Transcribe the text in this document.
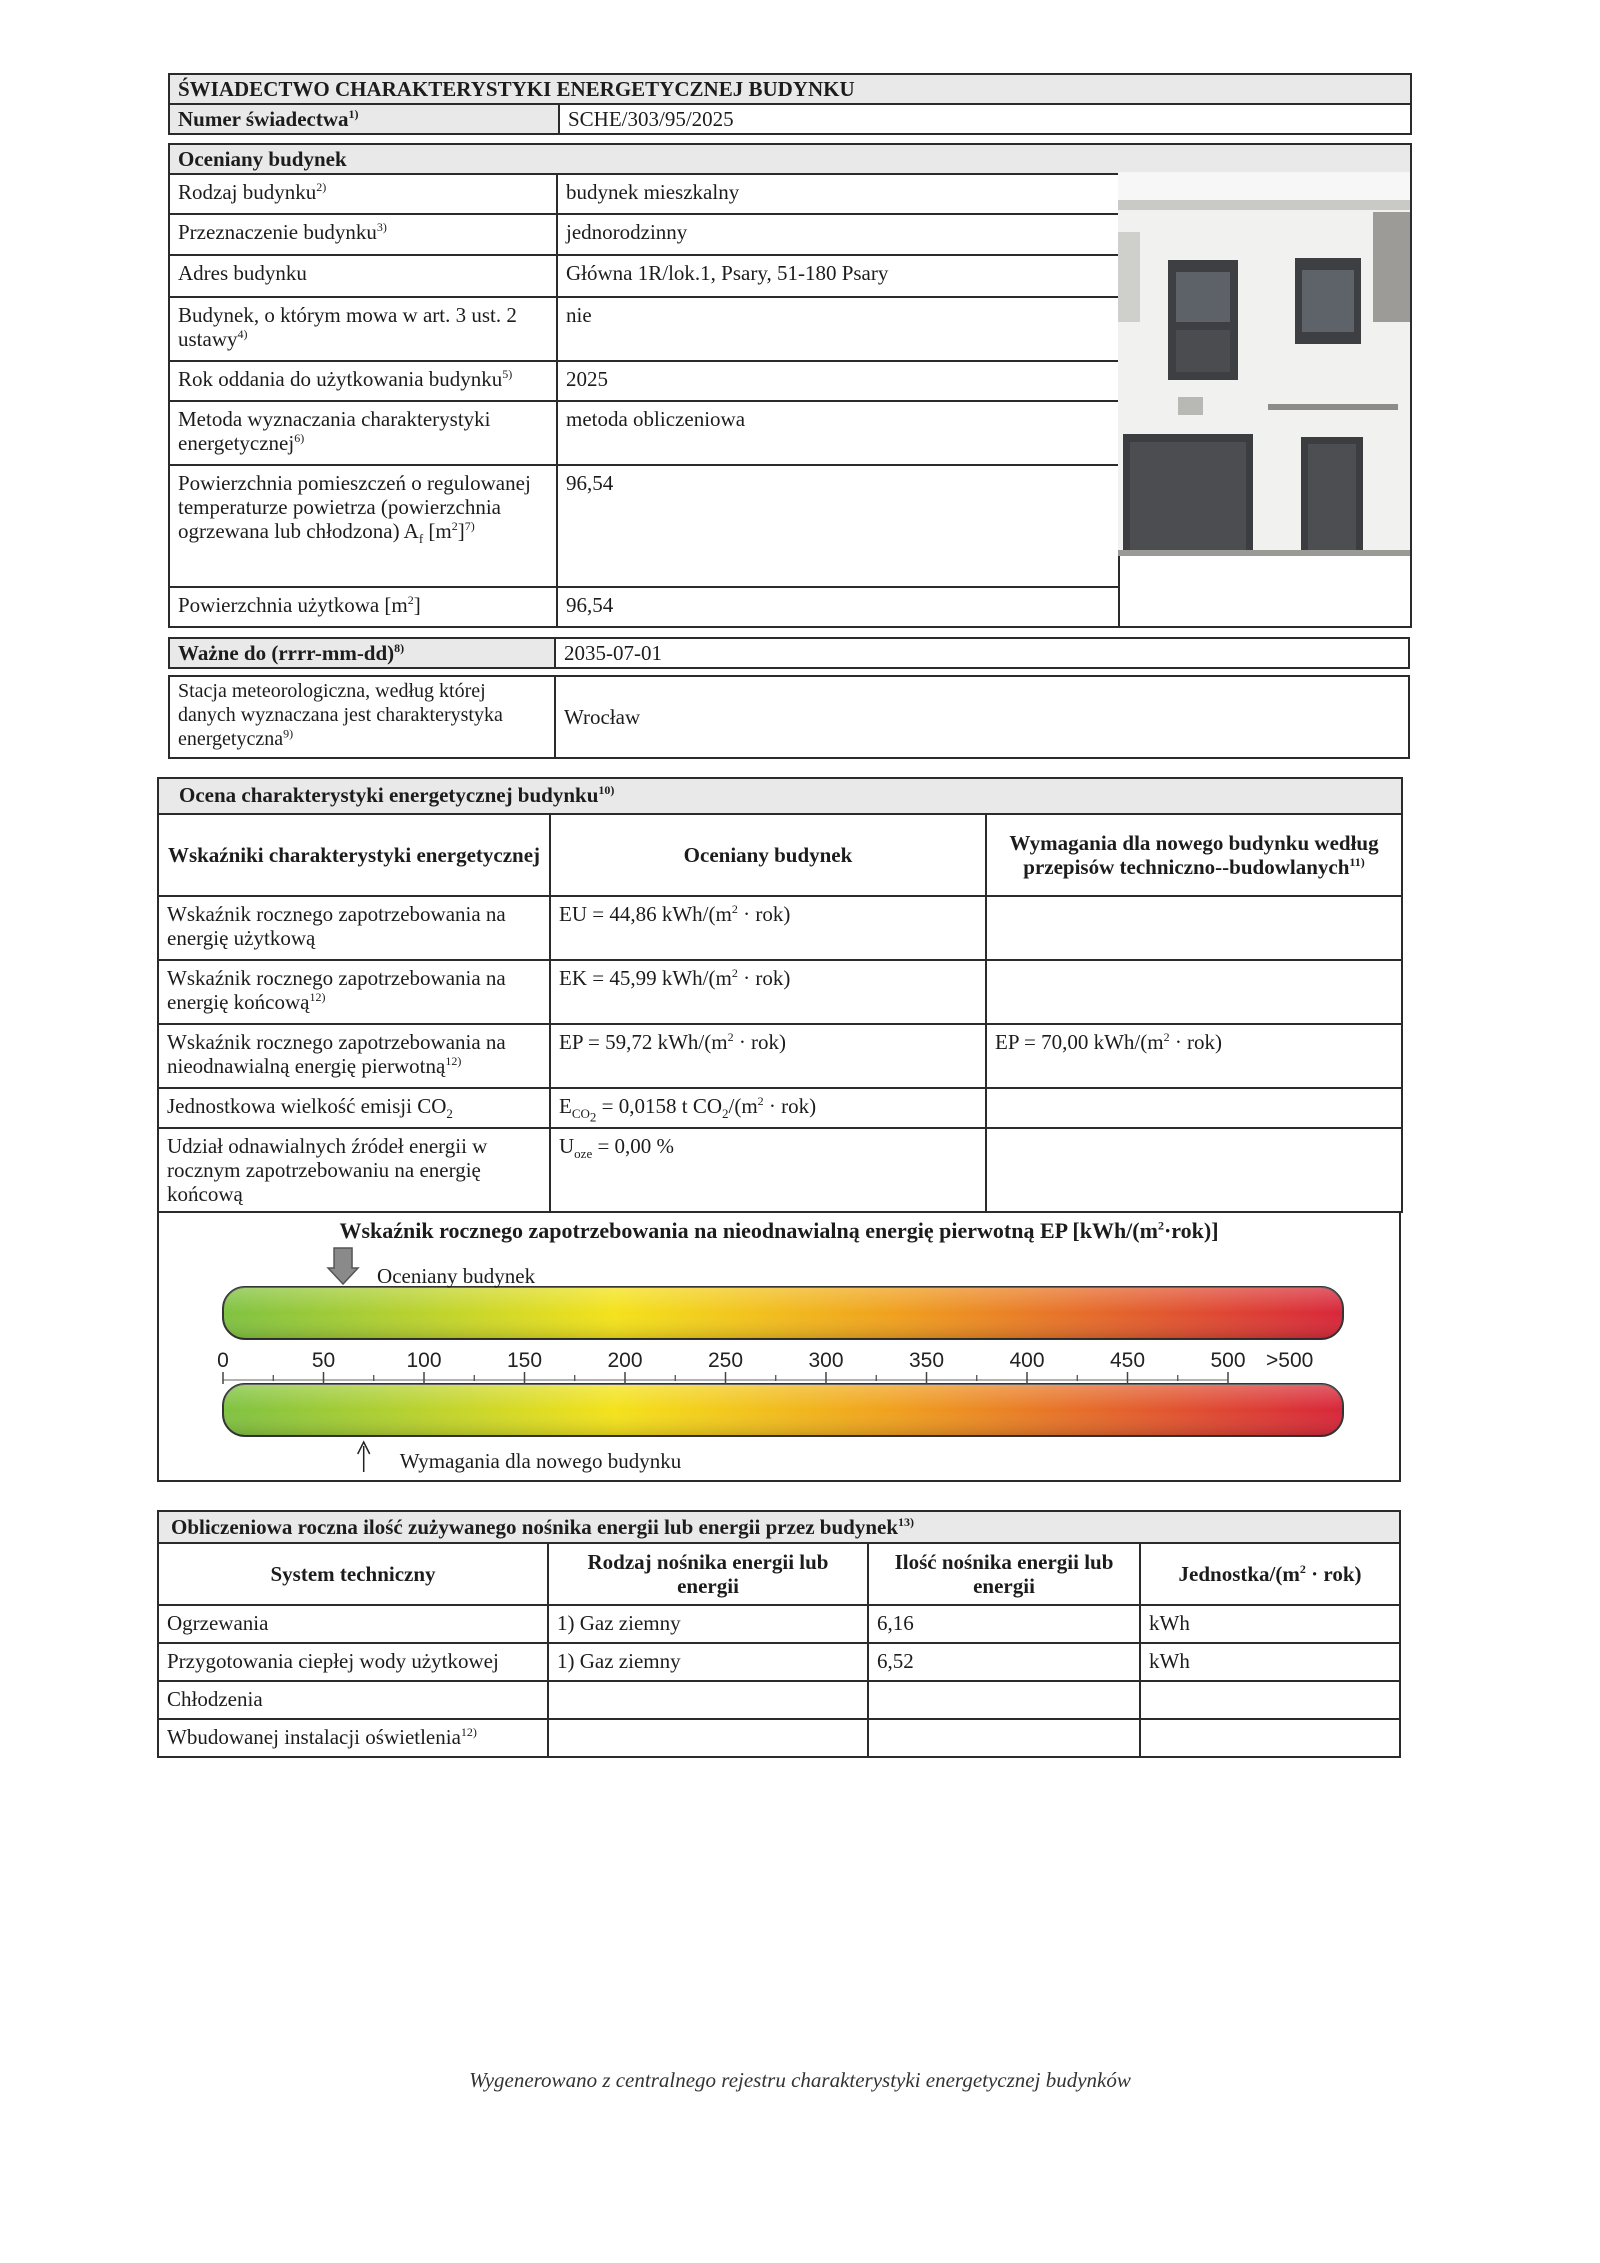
ŚWIADECTWO CHARAKTERYSTYKI ENERGETYCZNEJ BUDYNKU
Numer świadectwa$^{1)}$	SCHE/303/95/2025
Oceniany budynek		
Rodzaj budynku$^{2)}$	budynek mieszkalny	
Przeznaczenie budynku$^{3)}$	jednorodzinny	
Adres budynku	Główna 1R/lok.1, Psary, 51-180 Psary	
Budynek, o którym mowa w art. 3 ust. 2 ustawy$^{4)}$	nie	
Rok oddania do użytkowania budynku$^{5)}$	2025	
Metoda wyznaczania charakterystyki energetycznej$^{6)}$	metoda obliczeniowa	
Powierzchnia pomieszczeń o regulowanej temperaturze powietrza (powierzchnia ogrzewana lub chłodzona) $A_f$ $[m^2]^{7)}$	96,54	
Powierzchnia użytkowa $[m^2]$	96,54	
Ważne do (rrrr-mm-dd)$^{8)}$	2035-07-01

Stacja meteorologiczna, według której danych wyznaczana jest charakterystyka energetyczna$^{9)}$	Wrocław
Ocena charakterystyki energetycznej budynku$^{10)}$
Wskaźniki charakterystyki energetycznej	Oceniany budynek	Wymagania dla nowego budynku według przepisów techniczno--budowlanych$^{11)}$
Wskaźnik rocznego zapotrzebowania na energię użytkową	EU = 44,86 kWh/$(m^2 \cdot rok)$	
Wskaźnik rocznego zapotrzebowania na energię końcową$^{12)}$	EK = 45,99 kWh/$(m^2 \cdot rok)$	
Wskaźnik rocznego zapotrzebowania na nieodnawialną energię pierwotną$^{12)}$	EP = 59,72 kWh/$(m^2 \cdot rok)$	EP = 70,00 kWh/$(m^2 \cdot rok)$
Jednostkowa wielkość emisji $CO_2$	$E_{CO_2} = 0,0158$ t $CO_2/(m^2 \cdot rok)$	
Udział odnawialnych źródeł energii w rocznym zapotrzebowaniu na energię końcową	$U_{oze} = 0,00$ %	
Wskaźnik rocznego zapotrzebowania na nieodnawialną energię pierwotną EP $[kWh/(m^2\cdot rok)]$
0	50	100	150	200	250	300	350	400	450	500 >500
Oceniany budynek
Wymagania dla nowego budynku
Obliczeniowa roczna ilość zużywanego nośnika energii lub energii przez budynek$^{13)}$
System techniczny	Rodzaj nośnika energii lub energii	Ilość nośnika energii lub energii	Jednostka/$(m^2 \cdot rok)$
Ogrzewania	1) Gaz ziemny	6,16	kWh
Przygotowania ciepłej wody użytkowej	1) Gaz ziemny	6,52	kWh
Chłodzenia			
Wbudowanej instalacji oświetlenia$^{12)}$			
Wygenerowano z centralnego rejestru charakterystyki energetycznej budynków
